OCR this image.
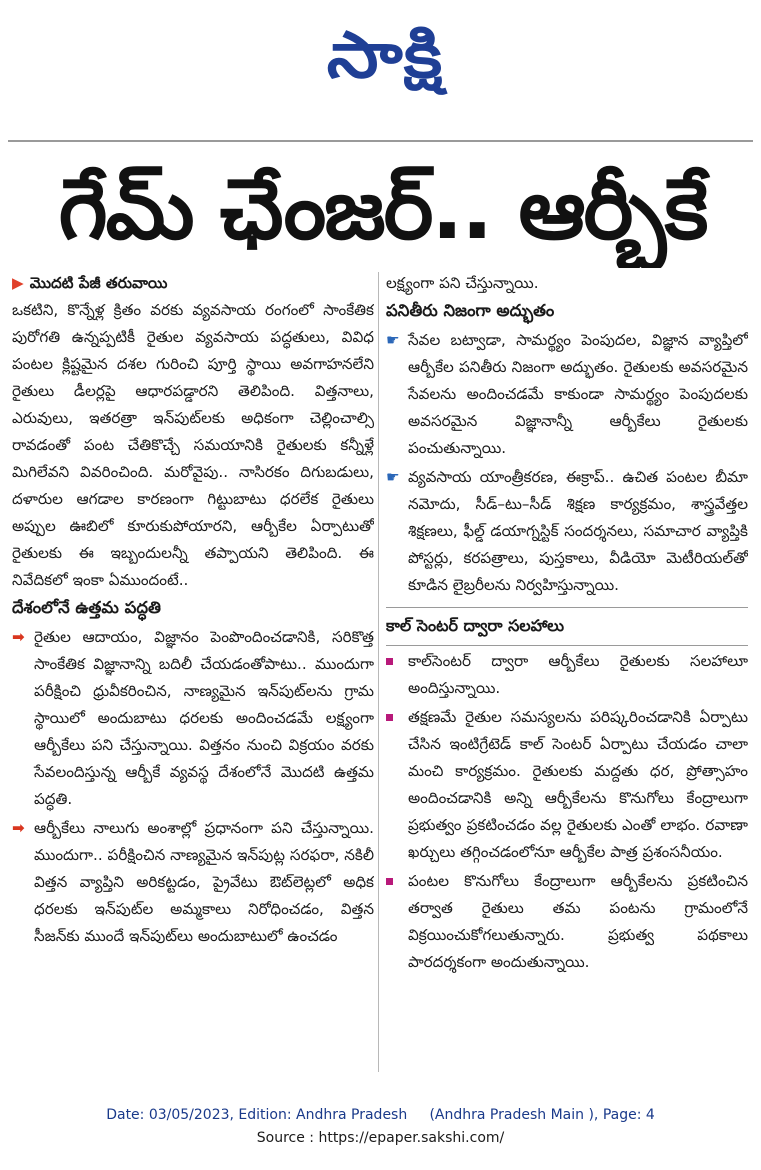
సాక్షి
గేమ్ ఛేంజర్.. ఆర్బీకే

▶ మొదటి పేజీ తరువాయి

ఒకటిని, కొన్నేళ్ల క్రితం వరకు వ్యవసాయ రంగంలో సాంకేతిక పురోగతి ఉన్నప్పటికీ రైతుల వ్యవసాయ పద్ధతులు, వివిధ పంటల క్లిష్టమైన దశల గురించి పూర్తి స్థాయి అవగాహనలేని రైతులు డీలర్లపై ఆధారపడ్డారని తెలిపింది. విత్తనాలు, ఎరువులు, ఇతరత్రా ఇన్‌పుట్‌లకు అధికంగా చెల్లించాల్సి రావడంతో పంట చేతికొచ్చే సమయానికి రైతులకు కన్నీళ్లే మిగిలేవని వివరించింది. మరోవైపు.. నాసిరకం దిగుబడులు, దళారుల ఆగడాల కారణంగా గిట్టుబాటు ధరలేక రైతులు అప్పుల ఊబిలో కూరుకుపోయారని, ఆర్బీకేల ఏర్పాటుతో రైతులకు ఈ ఇబ్బందులన్నీ తప్పాయని తెలిపింది. ఈ నివేదికలో ఇంకా ఏముందంటే..

దేశంలోనే ఉత్తమ పద్ధతి

➡ రైతుల ఆదాయం, విజ్ఞానం పెంపొందించడానికి, సరికొత్త సాంకేతిక విజ్ఞానాన్ని బదిలీ చేయడంతోపాటు.. ముందుగా పరీక్షించి ధ్రువీకరించిన, నాణ్యమైన ఇన్‌పుట్‌లను గ్రామ స్థాయిలో అందుబాటు ధరలకు అందించడమే లక్ష్యంగా ఆర్బీకేలు పని చేస్తున్నాయి. విత్తనం నుంచి విక్రయం వరకు సేవలందిస్తున్న ఆర్బీకే వ్యవస్థ దేశంలోనే మొదటి ఉత్తమ పద్ధతి.

➡ ఆర్బీకేలు నాలుగు అంశాల్లో ప్రధానంగా పని చేస్తున్నాయి. ముందుగా.. పరీక్షించిన నాణ్యమైన ఇన్‌పుట్ల సరఫరా, నకిలీ విత్తన వ్యాప్తిని అరికట్టడం, ప్రైవేటు ఔట్‌లెట్లలో అధిక ధరలకు ఇన్‌పుట్‌ల అమ్మకాలు నిరోధించడం, విత్తన సీజన్‌కు ముందే ఇన్‌పుట్‌లు అందుబాటులో ఉంచడం

లక్ష్యంగా పని చేస్తున్నాయి.

పనితీరు నిజంగా అద్భుతం

☛ సేవల బట్వాడా, సామర్థ్యం పెంపుదల, విజ్ఞాన వ్యాప్తిలో ఆర్బీకేల పనితీరు నిజంగా అద్భుతం. రైతులకు అవసరమైన సేవలను అందించడమే కాకుండా సామర్థ్యం పెంపుదలకు అవసరమైన విజ్ఞానాన్నీ ఆర్బీకేలు రైతులకు పంచుతున్నాయి.

☛ వ్యవసాయ యాంత్రీకరణ, ఈక్రాప్.. ఉచిత పంటల బీమా నమోదు, సీడ్–టు–సీడ్ శిక్షణ కార్యక్రమం, శాస్త్రవేత్తల శిక్షణలు, ఫీల్డ్ డయాగ్నస్టిక్ సందర్శనలు, సమాచార వ్యాప్తికి పోస్టర్లు, కరపత్రాలు, పుస్తకాలు, వీడియో మెటీరియల్‌తో కూడిన లైబ్రరీలను నిర్వహిస్తున్నాయి.

కాల్ సెంటర్ ద్వారా సలహాలు

కాల్‌సెంటర్ ద్వారా ఆర్బీకేలు రైతులకు సలహాలూ అందిస్తున్నాయి.

తక్షణమే రైతుల సమస్యలను పరిష్కరించడానికి ఏర్పాటు చేసిన ఇంటిగ్రేటెడ్ కాల్ సెంటర్ ఏర్పాటు చేయడం చాలా మంచి కార్యక్రమం. రైతులకు మద్దతు ధర, ప్రోత్సాహం అందించడానికి అన్ని ఆర్బీకేలను కొనుగోలు కేంద్రాలుగా ప్రభుత్వం ప్రకటించడం వల్ల రైతులకు ఎంతో లాభం. రవాణా ఖర్చులు తగ్గించడంలోనూ ఆర్బీకేల పాత్ర ప్రశంసనీయం.

పంటల కొనుగోలు కేంద్రాలుగా ఆర్బీకేలను ప్రకటించిన తర్వాత రైతులు తమ పంటను గ్రామంలోనే విక్రయించుకోగలుతున్నారు. ప్రభుత్వ పథకాలు పారదర్శకంగా అందుతున్నాయి.

Date: 03/05/2023, Edition: Andhra Pradesh     (Andhra Pradesh Main ), Page: 4
Source : https://epaper.sakshi.com/
